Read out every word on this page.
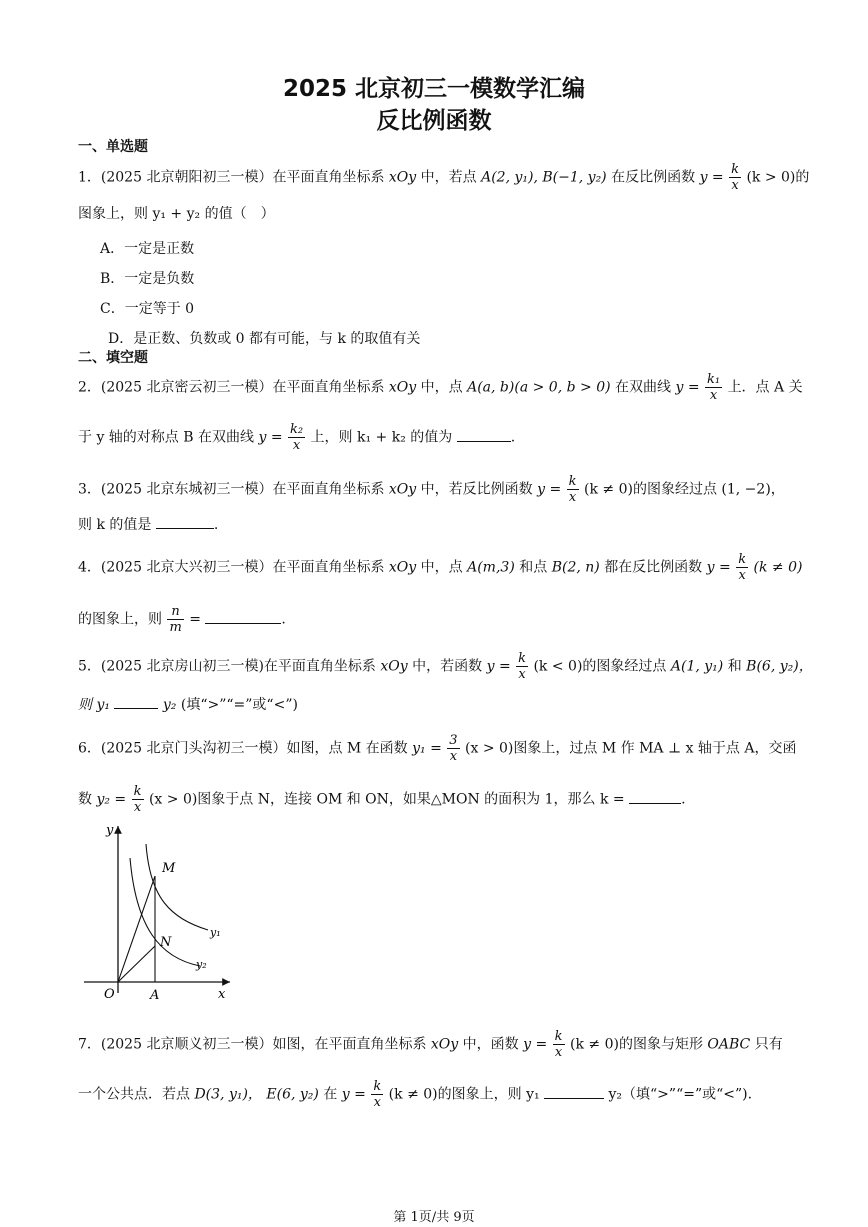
2025 北京初三一模数学汇编
反比例函数
一、单选题
1．(2025 北京朝阳初三一模）在平面直角坐标系 xOy 中，若点 A(2, y₁), B(−1, y₂) 在反比例函数 $y = \frac{k}{x} (k > 0)$的
图象上，则 y₁ + y₂ 的值（　）
A．一定是正数
B．一定是负数
C．一定等于 0
D．是正数、负数或 0 都有可能，与 k 的取值有关
二、填空题
2．(2025 北京密云初三一模）在平面直角坐标系 xOy 中，点 A(a, b)(a > 0, b > 0) 在双曲线 $y = \frac{\text{k₁}}{x}$ 上．点 A 关
于 y 轴的对称点 B 在双曲线 $y = \frac{\text{k₂}}{x}$ 上，则 k₁ + k₂ 的值为	.
3．(2025 北京东城初三一模）在平面直角坐标系 xOy 中，若反比例函数 $y = \frac{k}{x} (k \ne 0)$的图象经过点 (1, −2)，
则 k 的值是	.
4．(2025 北京大兴初三一模）在平面直角坐标系 xOy 中，点 A(m,3) 和点 B(2, n) 都在反比例函数 $y = \frac{k}{x} (k \ne 0)$
的图象上，则 $\frac{n}{m}$ =	.
5．(2025 北京房山初三一模)在平面直角坐标系 xOy 中，若函数 $y = \frac{k}{x} (k < 0)$的图象经过点 A(1, y₁) 和 B(6, y₂)，
则 y₁	y₂ (填“>”“=”或“<”)
6．(2025 北京门头沟初三一模）如图，点 M 在函数 $y_1 = \frac{3}{x} (x > 0)$图象上，过点 M 作 MA ⊥ x 轴于点 A，交函
数 $y_2 = \frac{k}{x} (x > 0)$图象于点 N，连接 OM 和 ON，如果△MON 的面积为 1，那么 k =	.
y
x
O	A
M
N
y₁
y₂
7．(2025 北京顺义初三一模）如图，在平面直角坐标系 xOy 中，函数 $y = \frac{k}{x} (k \ne 0)$的图象与矩形 OABC 只有
一个公共点．若点 D(3, y₁)， E(6, y₂) 在 $y = \frac{k}{x} (k \ne 0)$的图象上，则 y₁	y₂（填“>”“=”或“<”).
第 1页/共 9页
